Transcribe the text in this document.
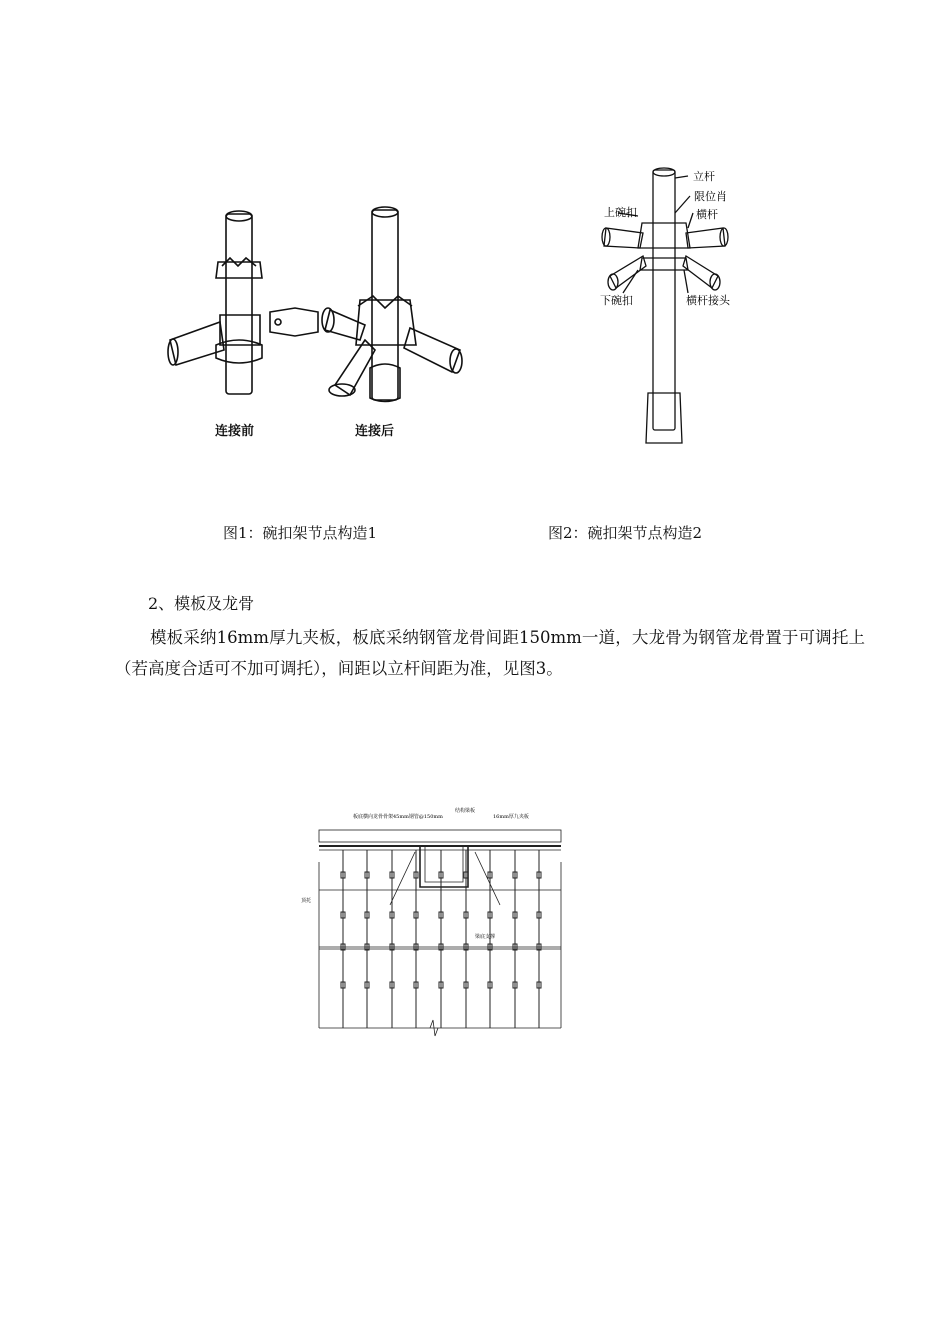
连接前	连接后
立杆
限位肖
上碗扣	横杆
下碗扣	横杆接头
图1：碗扣架节点构造1	图2：碗扣架节点构造2
2、模板及龙骨
模板采纳16mm厚九夹板，板底采纳钢管龙骨间距150mm一道，大龙骨为钢管龙骨置于可调托上（若高度合适可不加可调托），间距以立杆间距为准，见图3。
板底横向龙骨骨架45mm钢管@150mm
结构梁板
16mm厚九夹板
顶托
梁底支撑
